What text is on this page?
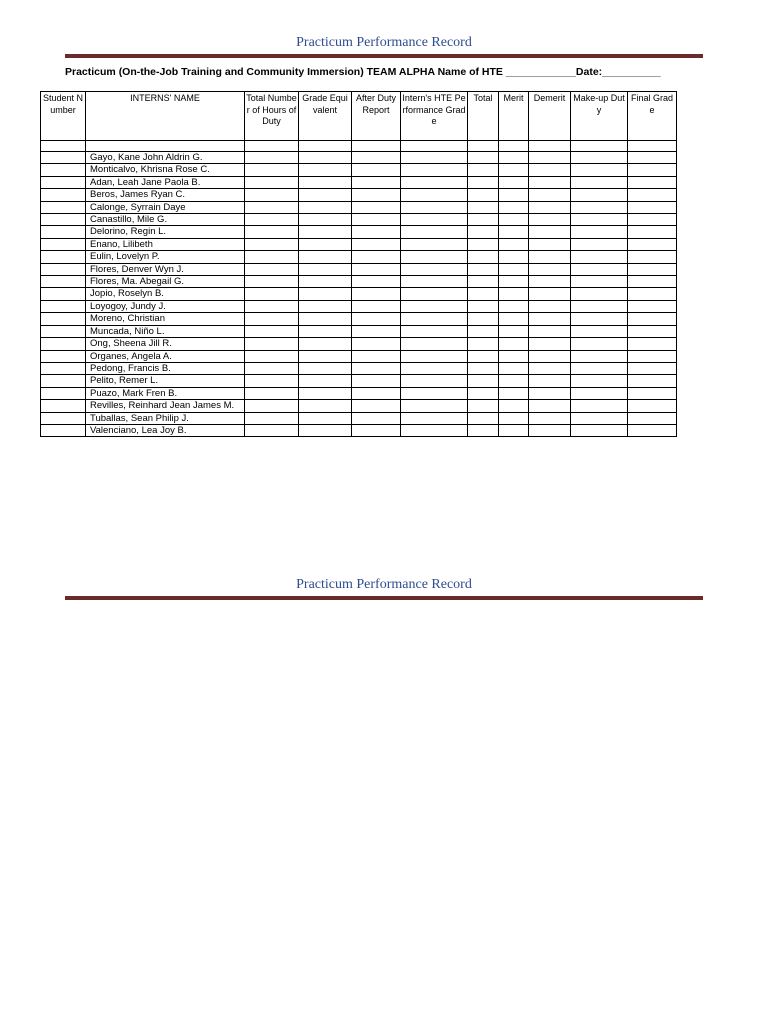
Practicum Performance Record
Practicum (On-the-Job Training and Community Immersion) TEAM ALPHA Name of HTE ____________Date:__________
Student Number	INTERNS' NAME	Total Number of Hours of Duty	Grade Equivalent	After Duty Report	Intern's HTE Performance Grade	Total	Merit	Demerit	Make-up Duty	Final Grade

	Gayo, Kane John Aldrin G.									
	Monticalvo, Khrisna Rose C.									
	Adan, Leah Jane Paola B.									
	Beros, James Ryan C.									
	Calonge, Syrrain Daye									
	Canastillo, Mile G.									
	Delorino, Regin L.									
	Enano, Lilibeth									
	Eulin, Lovelyn P.									
	Flores, Denver Wyn J.									
	Flores, Ma. Abegail G.									
	Jopio, Roselyn B.									
	Loyogoy, Jundy J.									
	Moreno, Christian									
	Muncada, Niño L.									
	Ong, Sheena Jill R.									
	Organes, Angela A.									
	Pedong, Francis B.									
	Pelito, Remer L.									
	Puazo, Mark Fren B.									
	Revilles, Reinhard Jean James M.									
	Tuballas, Sean Philip J.									
	Valenciano, Lea Joy B.									
Practicum Performance Record
